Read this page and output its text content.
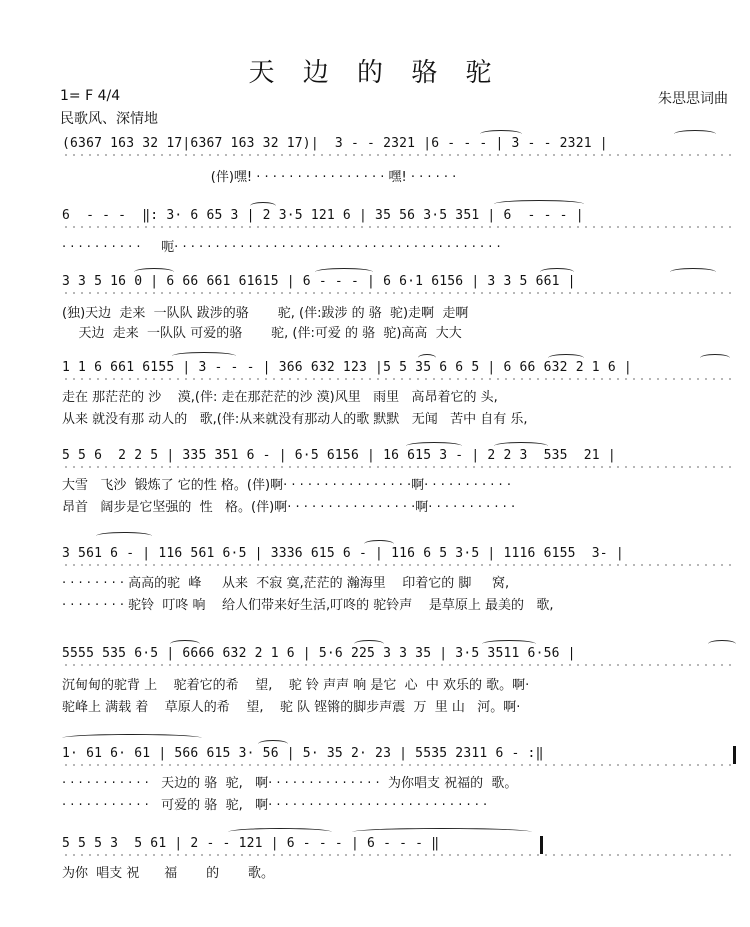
天 边 的 骆 驼
1= F 4/4
民歌风、深情地
朱思思词曲
(6367 163 32 17|6367 163 32 17)|  3 - - 2321 |6 - - - | 3 - - 2321 |
(伴)嘿! · · · · · · · · · · · · · · · · 嘿! · · · · · ·
6  - - -  ‖: 3· 6 65 3 | 2 3·5 121 6 | 35 56 3·5 351 | 6  - - - |
· · · · · · · · · ·     呃· · · · · · · · · · · · · · · · · · · · · · · · · · · · · · · · · · · · · · · ·
3 3 5 16 0 | 6 66 661 61615 | 6 - - - | 6 6·1 6156 | 3 3 5 661 |
(独)天边  走来  一队队 跋涉的骆       驼, (伴:跋涉 的 骆  驼)走啊  走啊
天边  走来  一队队 可爱的骆       驼, (伴:可爱 的 骆  驼)高高  大大
1 1 6 661 6155 | 3 - - - | 366 632 123 |5 5 35 6 6 5 | 6 66 632 2 1 6 |
走在 那茫茫的 沙    漠,(伴: 走在那茫茫的沙 漠)风里   雨里   高昂着它的 头,
从来 就没有那 动人的   歌,(伴:从来就没有那动人的歌 默默   无闻   苦中 自有 乐,
5 5 6  2 2 5 | 335 351 6 - | 6·5 6156 | 16 615 3 - | 2 2 3  535  21 |
大雪   飞沙  锻炼了 它的性 格。(伴)啊· · · · · · · · · · · · · · · ·啊· · · · · · · · · · ·
昂首   阔步是它坚强的  性   格。(伴)啊· · · · · · · · · · · · · · · ·啊· · · · · · · · · · ·
3 561 6 - | 116 561 6·5 | 3336 615 6 - | 116 6 5 3·5 | 1116 6155  3- |
· · · · · · · · 高高的驼  峰     从来  不寂 寞,茫茫的 瀚海里    印着它的 脚     窝,
· · · · · · · · 驼铃  叮咚 响    给人们带来好生活,叮咚的 驼铃声    是草原上 最美的   歌,
5555 535 6·5 | 6666 632 2 1 6 | 5·6 225 3 3 35 | 3·5 3511 6·56 |
沉甸甸的驼背 上    驼着它的希    望,    驼 铃 声声 响 是它  心  中 欢乐的 歌。啊·
驼峰上 满载 着    草原人的希    望,    驼 队 铿锵的脚步声震  万  里 山   河。啊·
1· 61 6· 61 | 566 615 3· 56 | 5· 35 2· 23 | 5535 2311 6 - :‖
· · · · · · · · · · ·   天边的 骆  驼,   啊· · · · · · · · · · · · · ·  为你唱支 祝福的  歌。
· · · · · · · · · · ·   可爱的 骆  驼,   啊· · · · · · · · · · · · · · · · · · · · · · · · · · ·
5 5 5 3  5 61 | 2 - - 121 | 6 - - - | 6 - - - ‖
为你  唱支 祝      福       的       歌。
